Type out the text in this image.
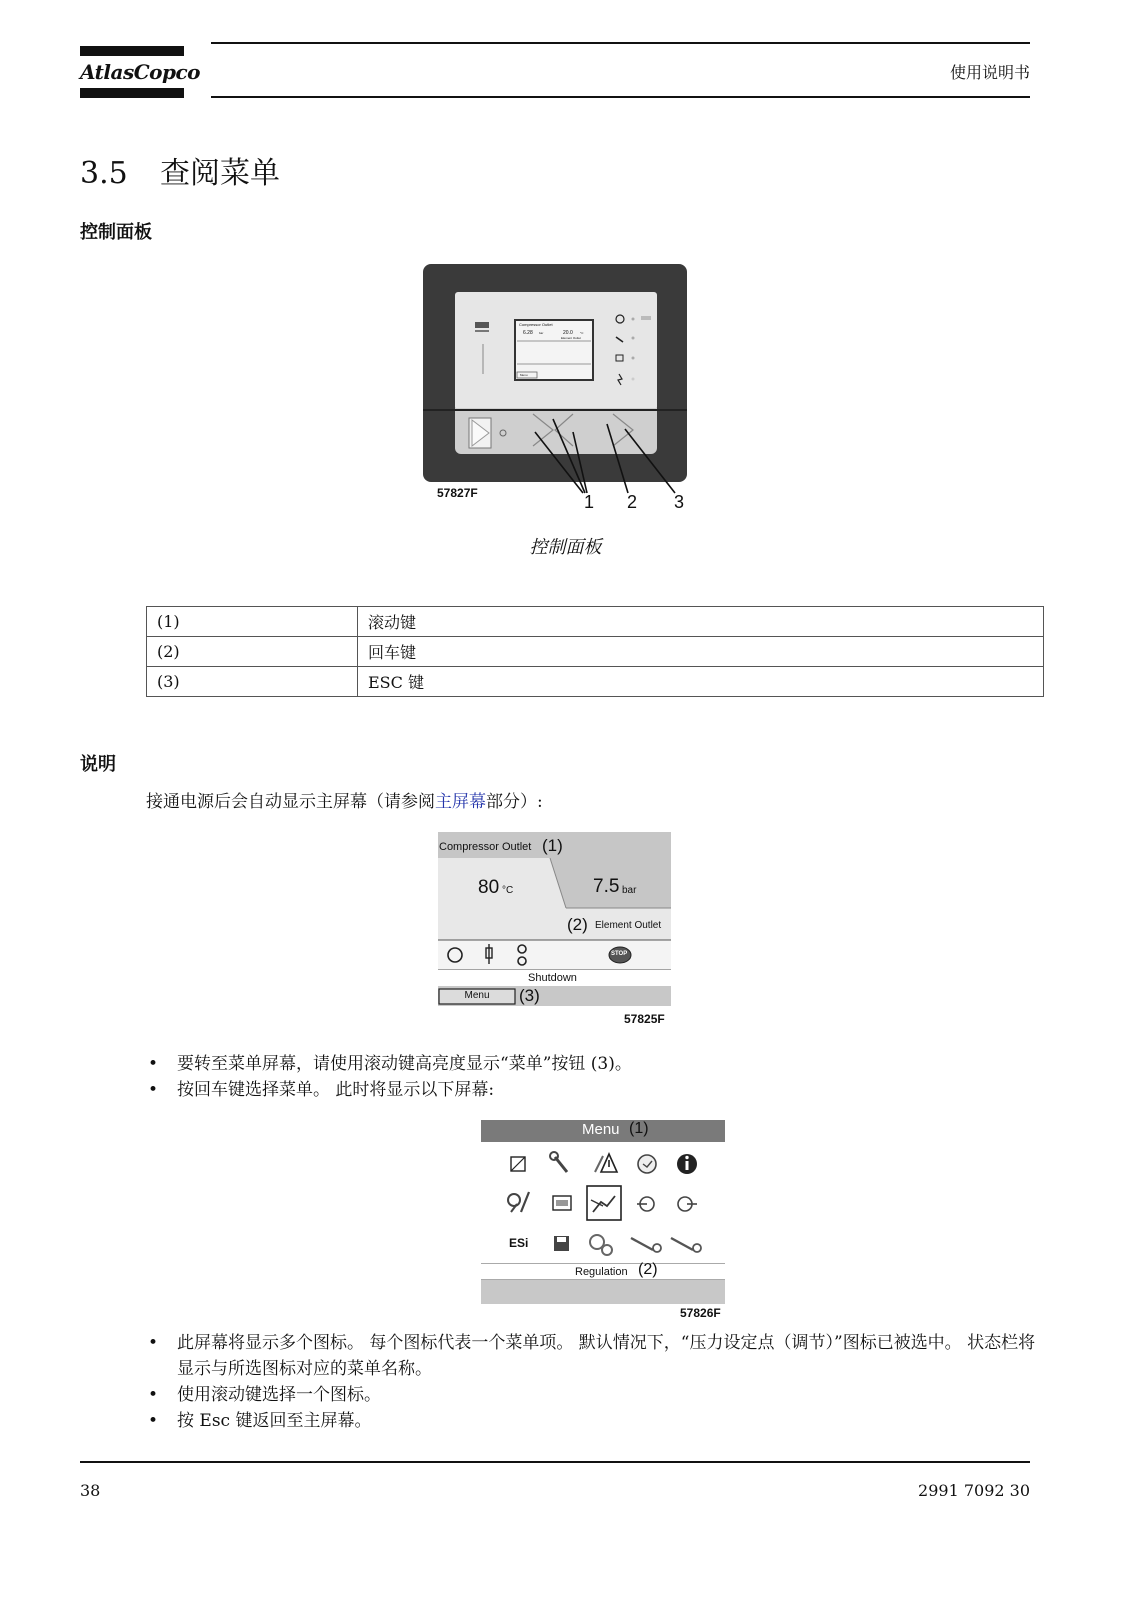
AtlasCopco	使用说明书
3.5 查阅菜单
控制面板
Compressor Outlet
6.28 bar	20.0 °C
Element Outlet
Menu
57827F	1 2 3
控制面板
(1)	滚动键
(2)	回车键
(3)	ESC 键
说明
接通电源后会自动显示主屏幕（请参阅主屏幕部分）:
Compressor Outlet (1)
80 °C	7.5 bar
(2) Element Outlet
STOP
Shutdown
Menu	(3)
57825F
• 要转至菜单屏幕，请使用滚动键高亮度显示“菜单”按钮 (3)。
• 按回车键选择菜单。 此时将显示以下屏幕:
Menu (1)
ESi
Regulation (2)
57826F
• 此屏幕将显示多个图标。 每个图标代表一个菜单项。 默认情况下，“压力设定点（调节）”图标已被选中。 状态栏将显示与所选图标对应的菜单名称。
• 使用滚动键选择一个图标。
• 按 Esc 键返回至主屏幕。
38	2991 7092 30
